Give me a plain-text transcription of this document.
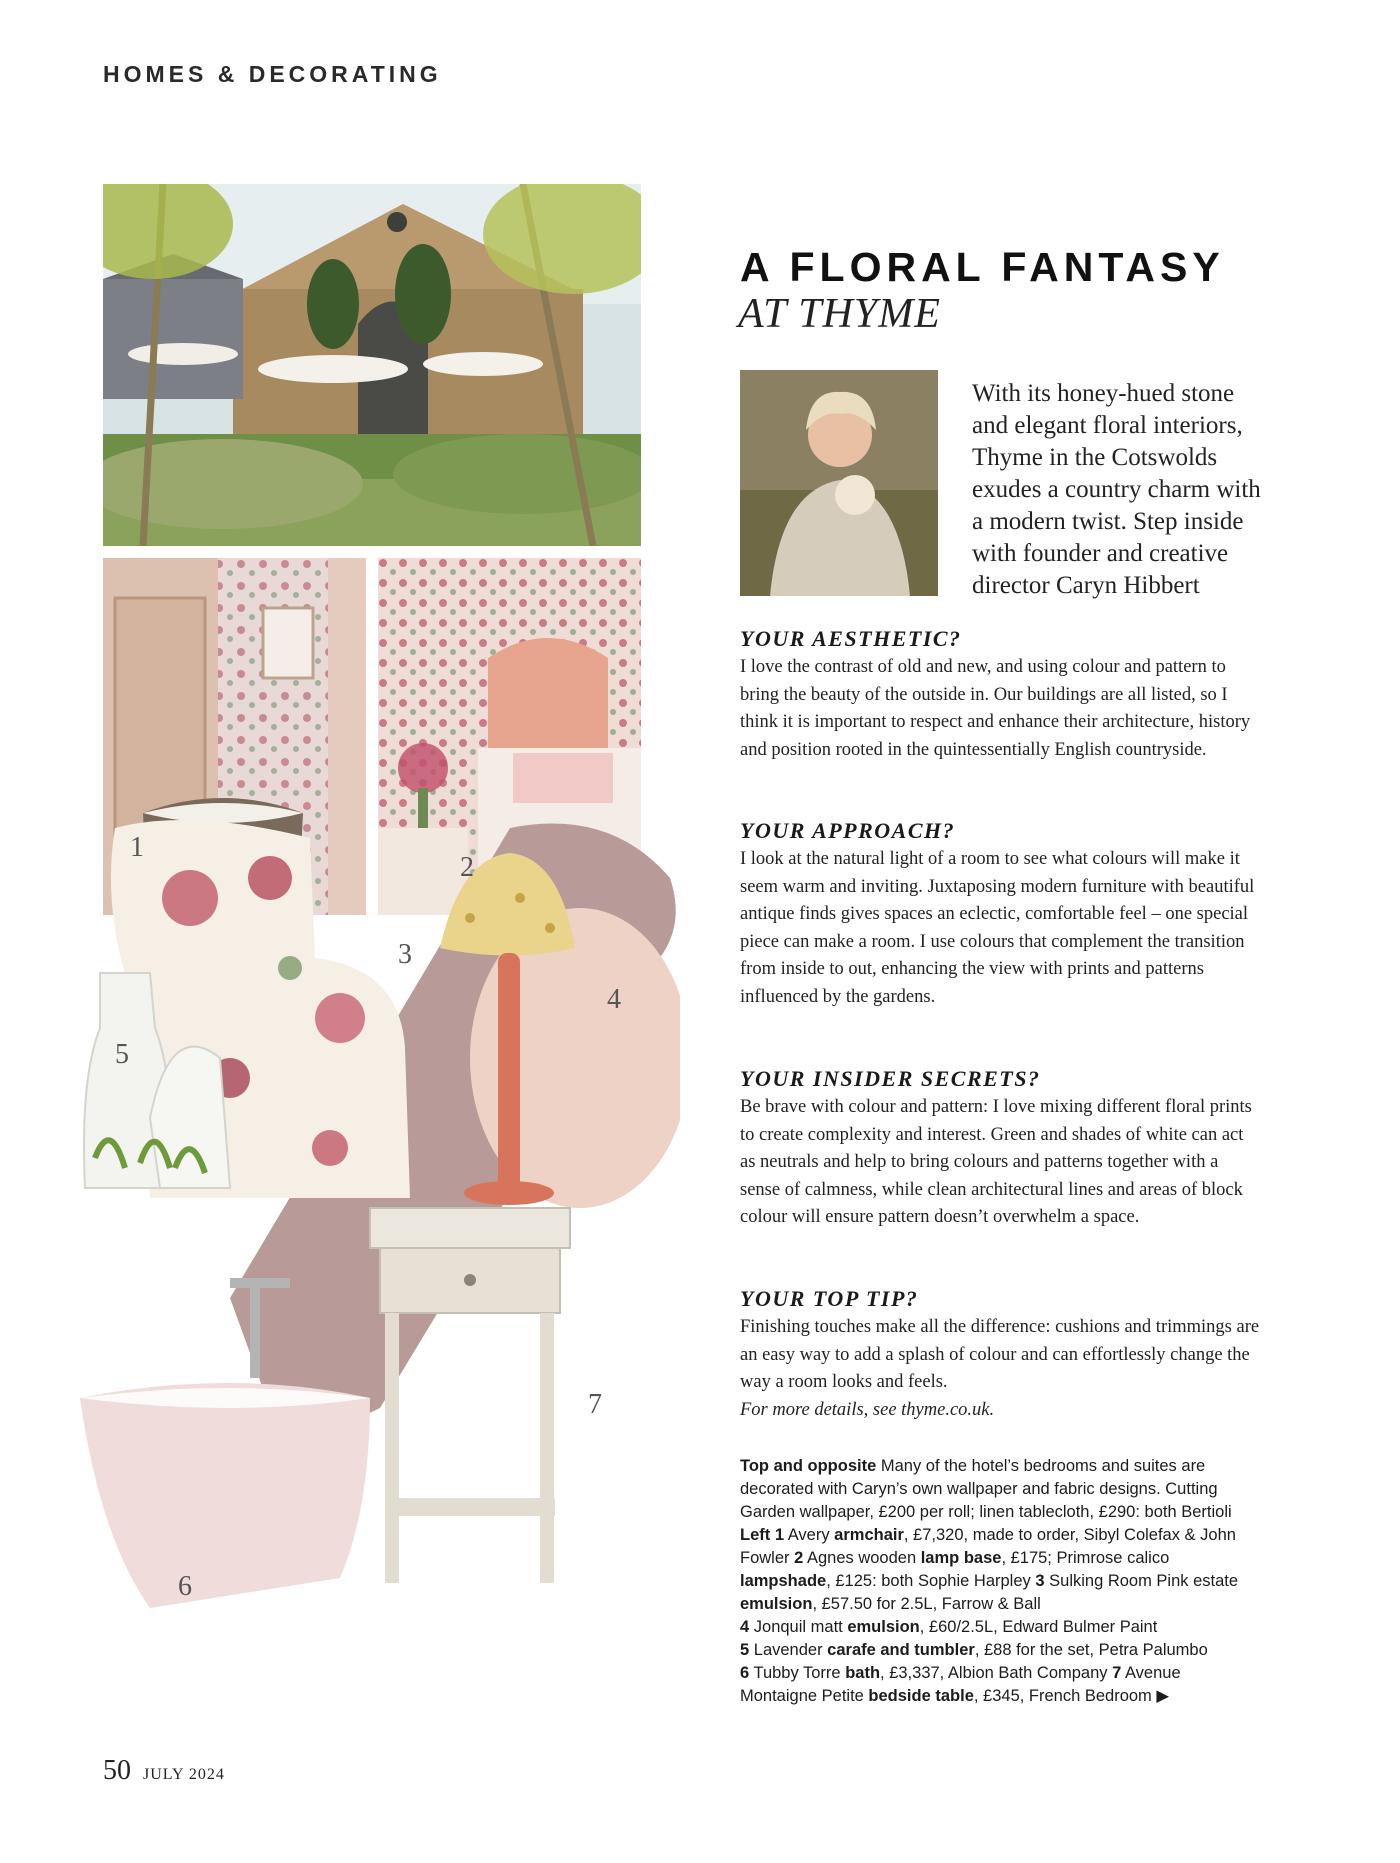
HOMES & DECORATING
1
2
3
4
5
6
7
A FLORAL FANTASY
AT THYME
With its honey-hued stone and elegant floral interiors, Thyme in the Cotswolds exudes a country charm with a modern twist. Step inside with founder and creative director Caryn Hibbert
YOUR AESTHETIC?
I love the contrast of old and new, and using colour and pattern to bring the beauty of the outside in. Our buildings are all listed, so I think it is important to respect and enhance their architecture, history and position rooted in the quintessentially English countryside.
YOUR APPROACH?
I look at the natural light of a room to see what colours will make it seem warm and inviting. Juxtaposing modern furniture with beautiful antique finds gives spaces an eclectic, comfortable feel – one special piece can make a room. I use colours that complement the transition from inside to out, enhancing the view with prints and patterns influenced by the gardens.
YOUR INSIDER SECRETS?
Be brave with colour and pattern: I love mixing different floral prints to create complexity and interest. Green and shades of white can act as neutrals and help to bring colours and patterns together with a sense of calmness, while clean architectural lines and areas of block colour will ensure pattern doesn’t overwhelm a space.
YOUR TOP TIP?
Finishing touches make all the difference: cushions and trimmings are an easy way to add a splash of colour and can effortlessly change the way a room looks and feels.
For more details, see thyme.co.uk.
Top and opposite Many of the hotel’s bedrooms and suites are decorated with Caryn’s own wallpaper and fabric designs. Cutting Garden wallpaper, £200 per roll; linen tablecloth, £290: both Bertioli
Left 1 Avery armchair, £7,320, made to order, Sibyl Colefax & John Fowler 2 Agnes wooden lamp base, £175; Primrose calico lampshade, £125: both Sophie Harpley 3 Sulking Room Pink estate emulsion, £57.50 for 2.5L, Farrow & Ball
4 Jonquil matt emulsion, £60/2.5L, Edward Bulmer Paint
5 Lavender carafe and tumbler, £88 for the set, Petra Palumbo
6 Tubby Torre bath, £3,337, Albion Bath Company 7 Avenue Montaigne Petite bedside table, £345, French Bedroom ▶
50 JULY 2024
